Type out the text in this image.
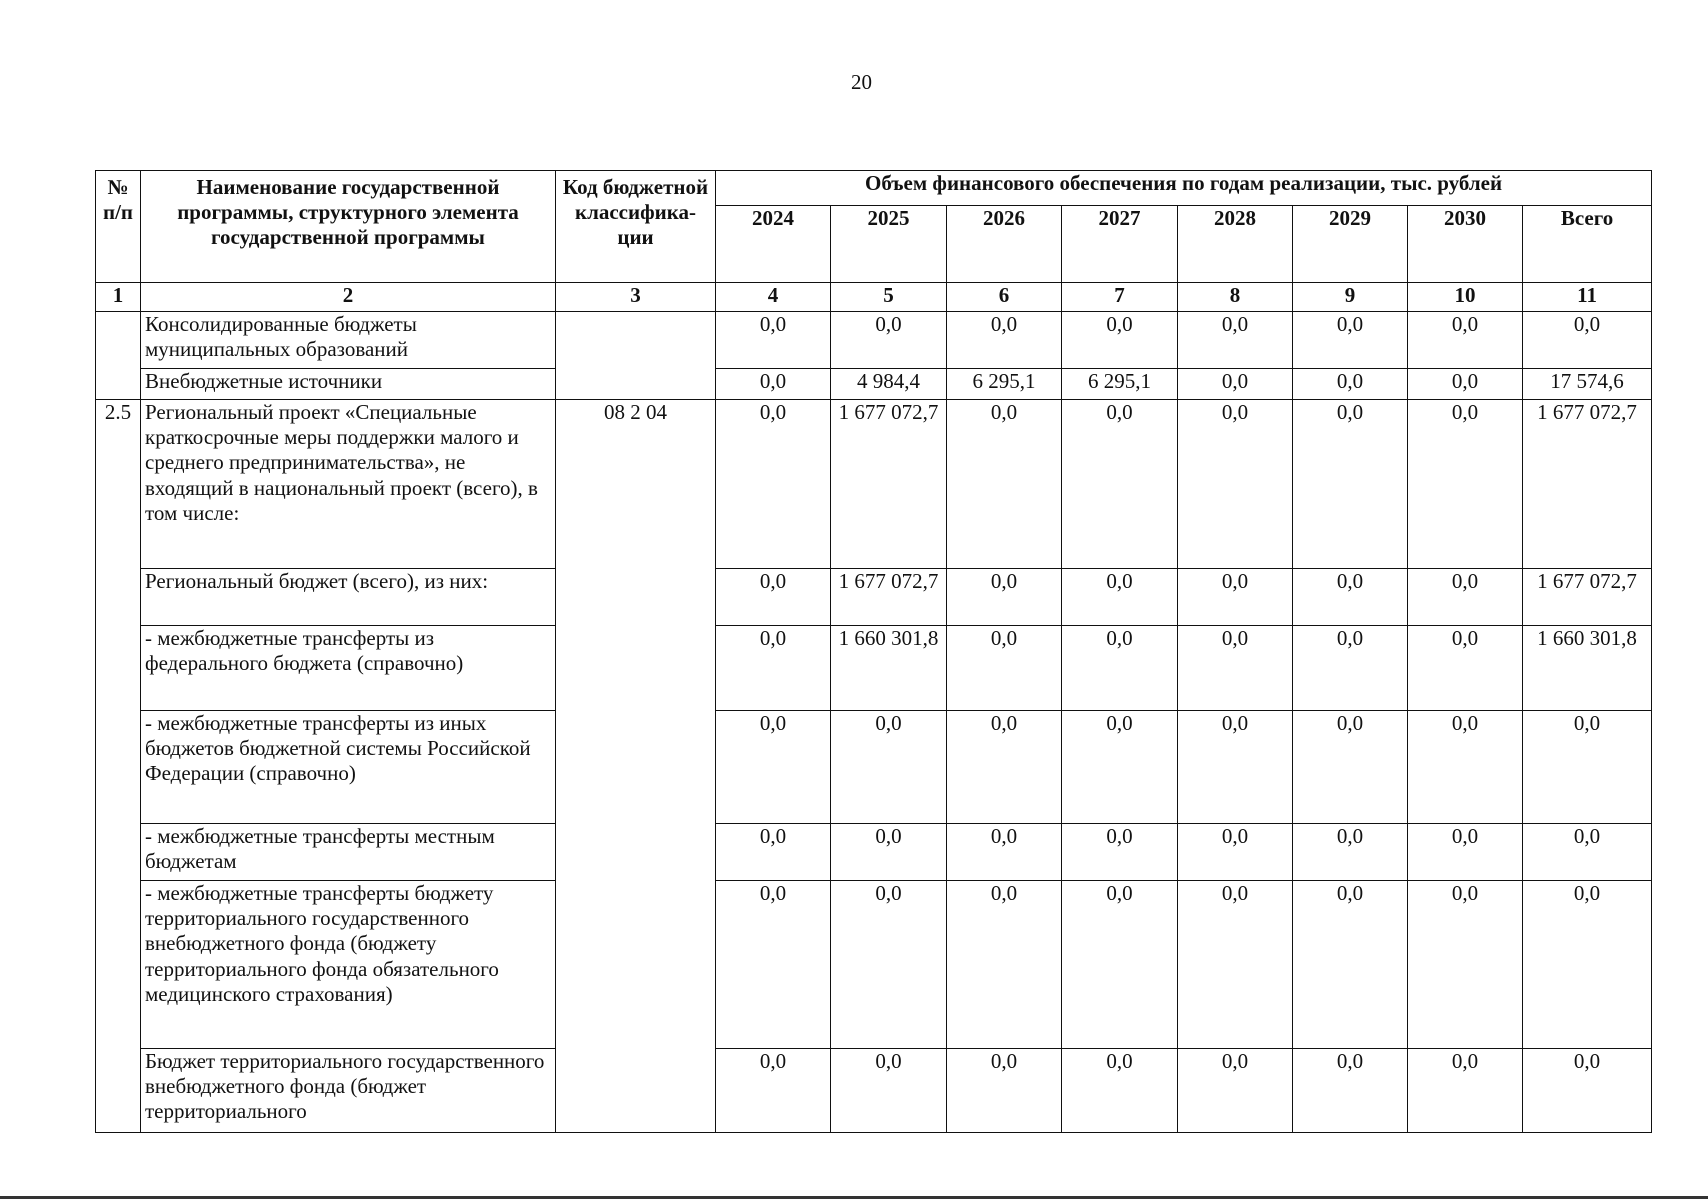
20
№ п/п	Наименование государственной программы, структурного элемента государственной программы	Код бюджетной классифика-ции	Объем финансового обеспечения по годам реализации, тыс. рублей							
			2024	2025	2026	2027	2028	2029	2030	Всего
1	2	3	4	5	6	7	8	9	10	11
	Консолидированные бюджеты муниципальных образований		0,0	0,0	0,0	0,0	0,0	0,0	0,0	0,0
	Внебюджетные источники		0,0	4 984,4	6 295,1	6 295,1	0,0	0,0	0,0	17 574,6
2.5	Региональный проект «Специальные краткосрочные меры поддержки малого и среднего предпринимательства», не входящий в национальный проект (всего), в том числе:	08 2 04	0,0	1 677 072,7	0,0	0,0	0,0	0,0	0,0	1 677 072,7
	Региональный бюджет (всего), из них:		0,0	1 677 072,7	0,0	0,0	0,0	0,0	0,0	1 677 072,7
	- межбюджетные трансферты из федерального бюджета (справочно)		0,0	1 660 301,8	0,0	0,0	0,0	0,0	0,0	1 660 301,8
	- межбюджетные трансферты из иных бюджетов бюджетной системы Российской Федерации (справочно)		0,0	0,0	0,0	0,0	0,0	0,0	0,0	0,0
	- межбюджетные трансферты местным бюджетам		0,0	0,0	0,0	0,0	0,0	0,0	0,0	0,0
	- межбюджетные трансферты бюджету территориального государственного внебюджетного фонда (бюджету территориального фонда обязательного медицинского страхования)		0,0	0,0	0,0	0,0	0,0	0,0	0,0	0,0
	Бюджет территориального государственного внебюджетного фонда (бюджет территориального		0,0	0,0	0,0	0,0	0,0	0,0	0,0	0,0
